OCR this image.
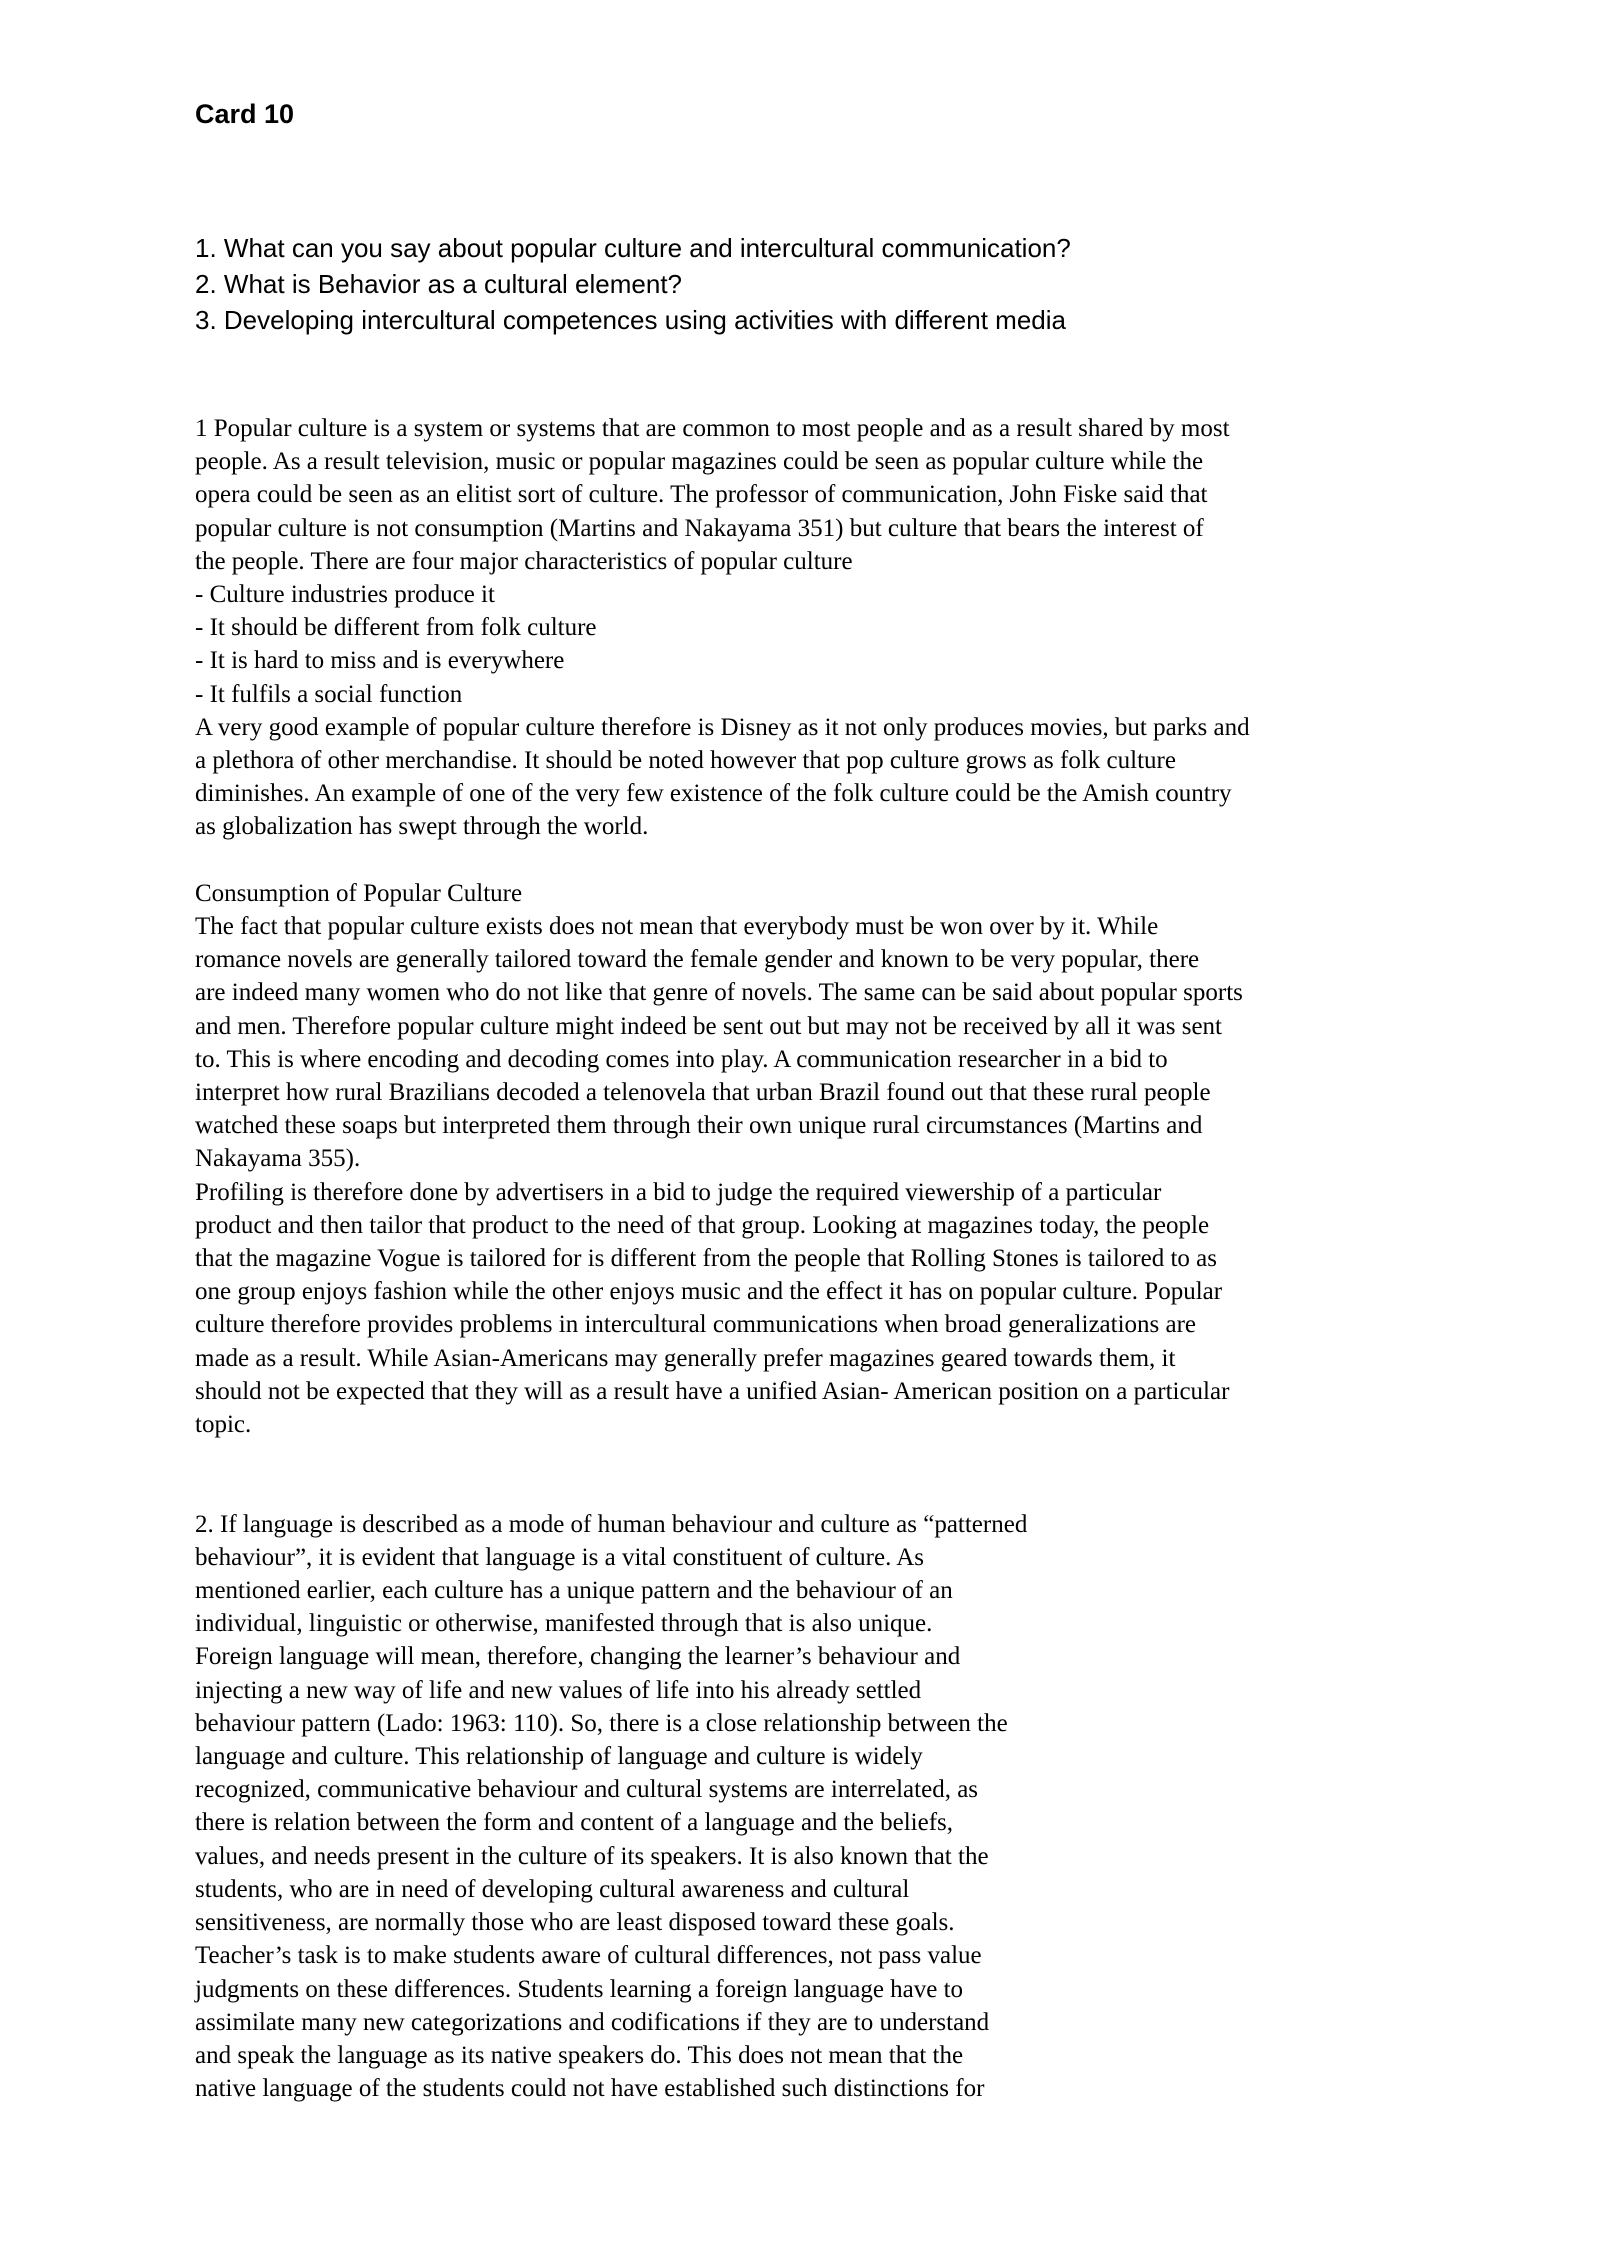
Card 10
1. What can you say about popular culture and intercultural communication?
2. What is Behavior as a cultural element?
3. Developing intercultural competences using activities with different media
1 Popular culture is a system or systems that are common to most people and as a result shared by most
people. As a result television, music or popular magazines could be seen as popular culture while the
opera could be seen as an elitist sort of culture. The professor of communication, John Fiske said that
popular culture is not consumption (Martins and Nakayama 351) but culture that bears the interest of
the people. There are four major characteristics of popular culture
- Culture industries produce it
- It should be different from folk culture
- It is hard to miss and is everywhere
- It fulfils a social function
A very good example of popular culture therefore is Disney as it not only produces movies, but parks and
a plethora of other merchandise. It should be noted however that pop culture grows as folk culture
diminishes. An example of one of the very few existence of the folk culture could be the Amish country
as globalization has swept through the world.
Consumption of Popular Culture
The fact that popular culture exists does not mean that everybody must be won over by it. While
romance novels are generally tailored toward the female gender and known to be very popular, there
are indeed many women who do not like that genre of novels. The same can be said about popular sports
and men. Therefore popular culture might indeed be sent out but may not be received by all it was sent
to. This is where encoding and decoding comes into play. A communication researcher in a bid to
interpret how rural Brazilians decoded a telenovela that urban Brazil found out that these rural people
watched these soaps but interpreted them through their own unique rural circumstances (Martins and
Nakayama 355).
Profiling is therefore done by advertisers in a bid to judge the required viewership of a particular
product and then tailor that product to the need of that group. Looking at magazines today, the people
that the magazine Vogue is tailored for is different from the people that Rolling Stones is tailored to as
one group enjoys fashion while the other enjoys music and the effect it has on popular culture. Popular
culture therefore provides problems in intercultural communications when broad generalizations are
made as a result. While Asian-Americans may generally prefer magazines geared towards them, it
should not be expected that they will as a result have a unified Asian- American position on a particular
topic.
2. If language is described as a mode of human behaviour and culture as “patterned
behaviour”, it is evident that language is a vital constituent of culture. As
mentioned earlier, each culture has a unique pattern and the behaviour of an
individual, linguistic or otherwise, manifested through that is also unique.
Foreign language will mean, therefore, changing the learner’s behaviour and
injecting a new way of life and new values of life into his already settled
behaviour pattern (Lado: 1963: 110). So, there is a close relationship between the
language and culture. This relationship of language and culture is widely
recognized, communicative behaviour and cultural systems are interrelated, as
there is relation between the form and content of a language and the beliefs,
values, and needs present in the culture of its speakers. It is also known that the
students, who are in need of developing cultural awareness and cultural
sensitiveness, are normally those who are least disposed toward these goals.
Teacher’s task is to make students aware of cultural differences, not pass value
judgments on these differences. Students learning a foreign language have to
assimilate many new categorizations and codifications if they are to understand
and speak the language as its native speakers do. This does not mean that the
native language of the students could not have established such distinctions for
